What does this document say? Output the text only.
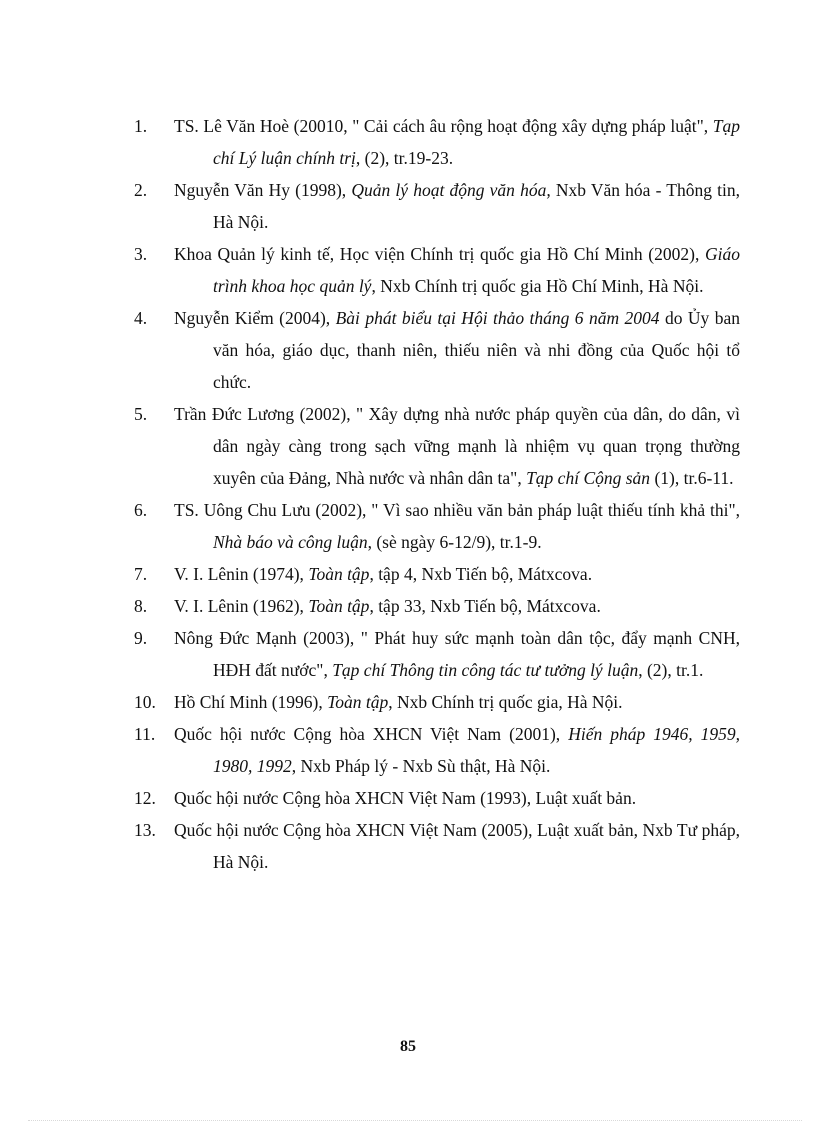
1. TS. Lê Văn Hoè (20010, " Cải cách âu rộng hoạt động xây dựng pháp luật", Tạp chí Lý luận chính trị, (2), tr.19-23.
2. Nguyễn Văn Hy (1998), Quản lý hoạt động văn hóa, Nxb Văn hóa - Thông tin, Hà Nội.
3. Khoa Quản lý kinh tế, Học viện Chính trị quốc gia Hồ Chí Minh (2002), Giáo trình khoa học quản lý, Nxb Chính trị quốc gia Hồ Chí Minh, Hà Nội.
4. Nguyễn Kiểm (2004), Bài phát biểu tại Hội thảo tháng 6 năm 2004 do Ủy ban văn hóa, giáo dục, thanh niên, thiếu niên và nhi đồng của Quốc hội tổ chức.
5. Trần Đức Lương (2002), " Xây dựng nhà nước pháp quyền của dân, do dân, vì dân ngày càng trong sạch vững mạnh là nhiệm vụ quan trọng thường xuyên của Đảng, Nhà nước và nhân dân ta", Tạp chí Cộng sản (1), tr.6-11.
6. TS. Uông Chu Lưu (2002), " Vì sao nhiều văn bản pháp luật thiếu tính khả thi", Nhà báo và công luận, (sè ngày 6-12/9), tr.1-9.
7. V. I. Lênin (1974), Toàn tập, tập 4, Nxb Tiến bộ, Mátxcova.
8. V. I. Lênin (1962), Toàn tập, tập 33, Nxb Tiến bộ, Mátxcova.
9. Nông Đức Mạnh (2003), " Phát huy sức mạnh toàn dân tộc, đẩy mạnh CNH, HĐH đất nước", Tạp chí Thông tin công tác tư tưởng lý luận, (2), tr.1.
10. Hồ Chí Minh (1996), Toàn tập, Nxb Chính trị quốc gia, Hà Nội.
11. Quốc hội nước Cộng hòa XHCN Việt Nam (2001), Hiến pháp 1946, 1959, 1980, 1992, Nxb Pháp lý - Nxb Sù thật, Hà Nội.
12. Quốc hội nước Cộng hòa XHCN Việt Nam (1993), Luật xuất bản.
13. Quốc hội nước Cộng hòa XHCN Việt Nam (2005), Luật xuất bản, Nxb Tư pháp, Hà Nội.
85
